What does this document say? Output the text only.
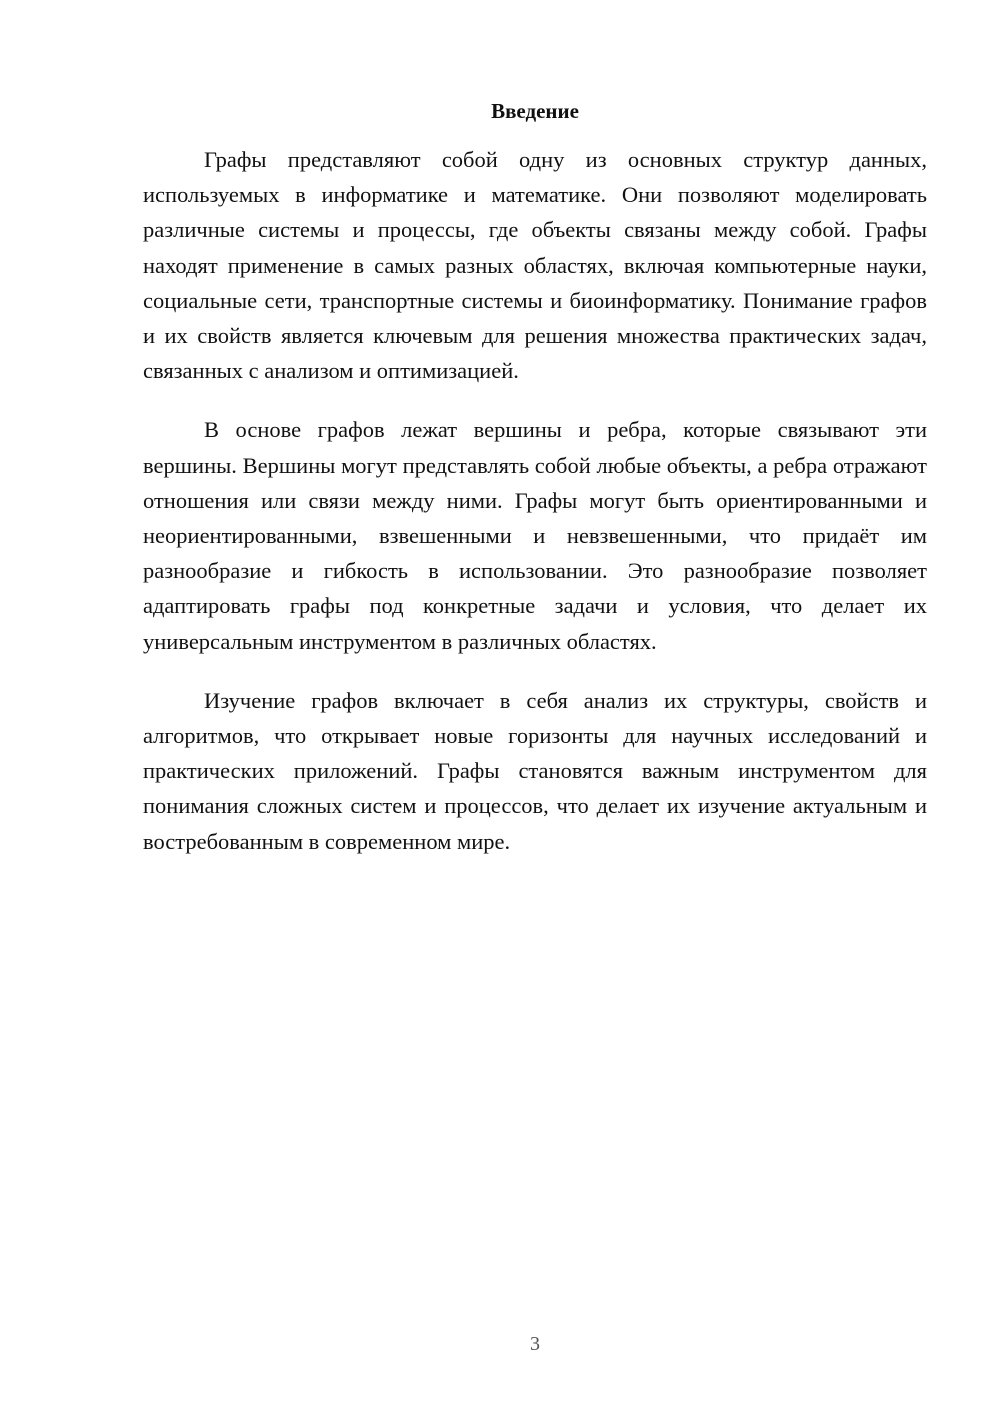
Введение

Графы представляют собой одну из основных структур данных, используемых в информатике и математике. Они позволяют моделировать различные системы и процессы, где объекты связаны между собой. Графы находят применение в самых разных областях, включая компьютерные науки, социальные сети, транспортные системы и биоинформатику. Понимание графов и их свойств является ключевым для решения множества практических задач, связанных с анализом и оптимизацией.

В основе графов лежат вершины и ребра, которые связывают эти вершины. Вершины могут представлять собой любые объекты, а ребра отражают отношения или связи между ними. Графы могут быть ориентированными и неориентированными, взвешенными и невзвешенными, что придаёт им разнообразие и гибкость в использовании. Это разнообразие позволяет адаптировать графы под конкретные задачи и условия, что делает их универсальным инструментом в различных областях.

Изучение графов включает в себя анализ их структуры, свойств и алгоритмов, что открывает новые горизонты для научных исследований и практических приложений. Графы становятся важным инструментом для понимания сложных систем и процессов, что делает их изучение актуальным и востребованным в современном мире.

3
